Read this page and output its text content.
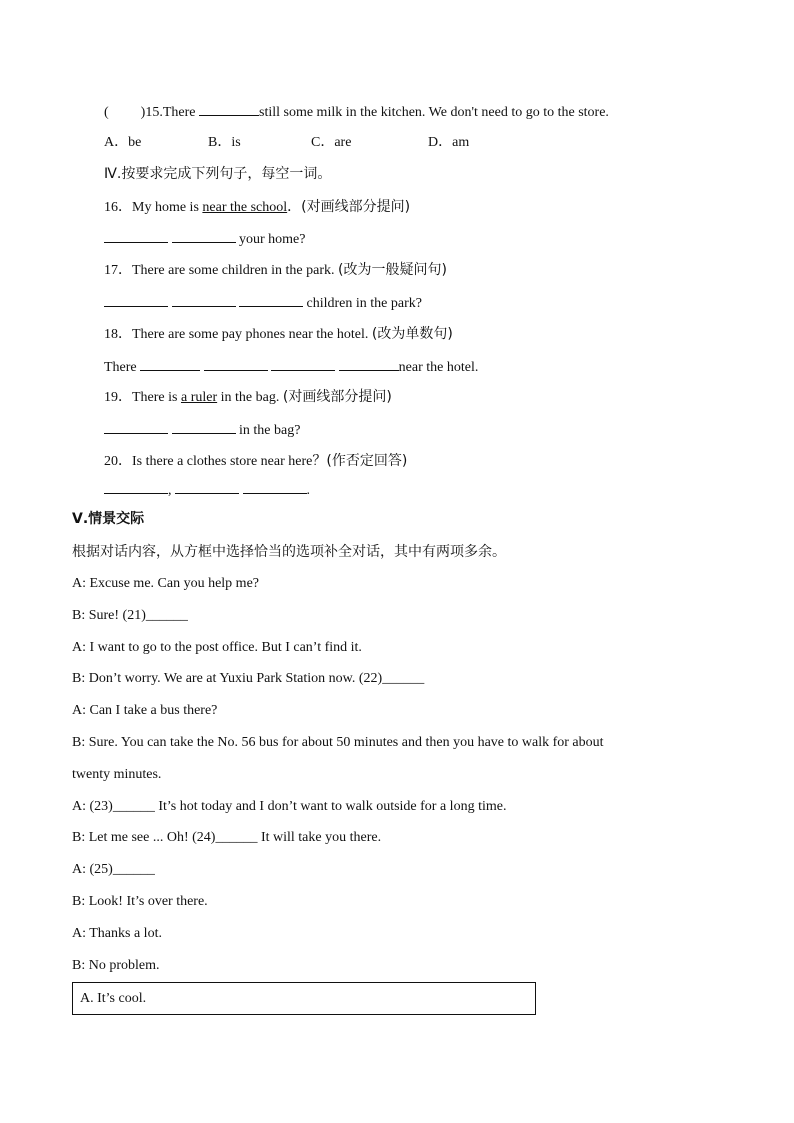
( )15.There	still some milk in the kitchen. We don't need to go to the store.
A．be	B．is	C．are	D．am
Ⅳ.按要求完成下列句子，每空一词。
16．My home is near the school．(对画线部分提问)
your home?
17．There are some children in the park. (改为一般疑问句)
children in the park?
18．There are some pay phones near the hotel. (改为单数句)
There	near the hotel.
19．There is a ruler in the bag. (对画线部分提问)
in the bag?
20．Is there a clothes store near here？(作否定回答)
,	.
Ⅴ.情景交际
根据对话内容，从方框中选择恰当的选项补全对话，其中有两项多余。
A: Excuse me. Can you help me?
B: Sure! (21)______
A: I want to go to the post office. But I can’t find it.
B: Don’t worry. We are at Yuxiu Park Station now. (22)______
A: Can I take a bus there?
B: Sure. You can take the No. 56 bus for about 50 minutes and then you have to walk for about
twenty minutes.
A: (23)______ It’s hot today and I don’t want to walk outside for a long time.
B: Let me see ... Oh! (24)______ It will take you there.
A: (25)______
B: Look! It’s over there.
A: Thanks a lot.
B: No problem.
A. It’s cool.
